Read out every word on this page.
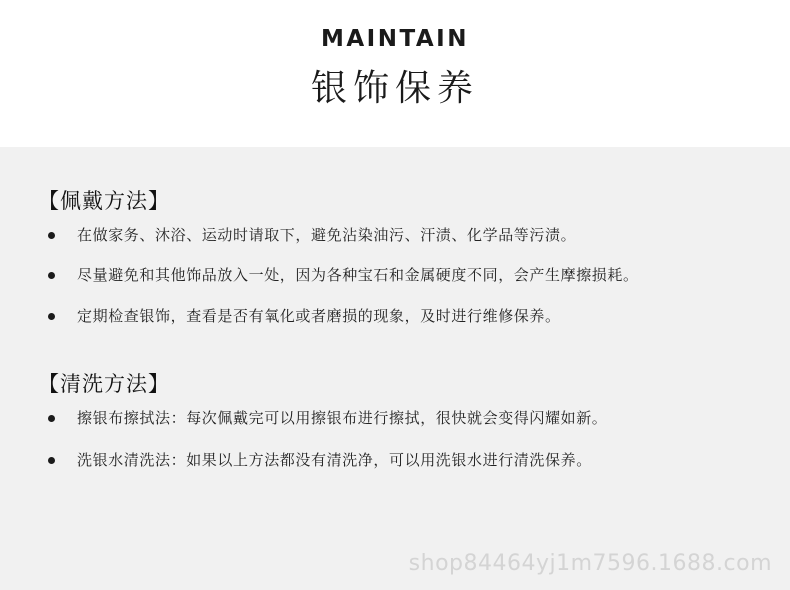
MAINTAIN
银饰保养
【佩戴方法】
在做家务、沐浴、运动时请取下，避免沾染油污、汗渍、化学品等污渍。
尽量避免和其他饰品放入一处，因为各种宝石和金属硬度不同，会产生摩擦损耗。
定期检查银饰，查看是否有氧化或者磨损的现象，及时进行维修保养。
【清洗方法】
擦银布擦拭法：每次佩戴完可以用擦银布进行擦拭，很快就会变得闪耀如新。
洗银水清洗法：如果以上方法都没有清洗净，可以用洗银水进行清洗保养。
shop84464yj1m7596.1688.com
